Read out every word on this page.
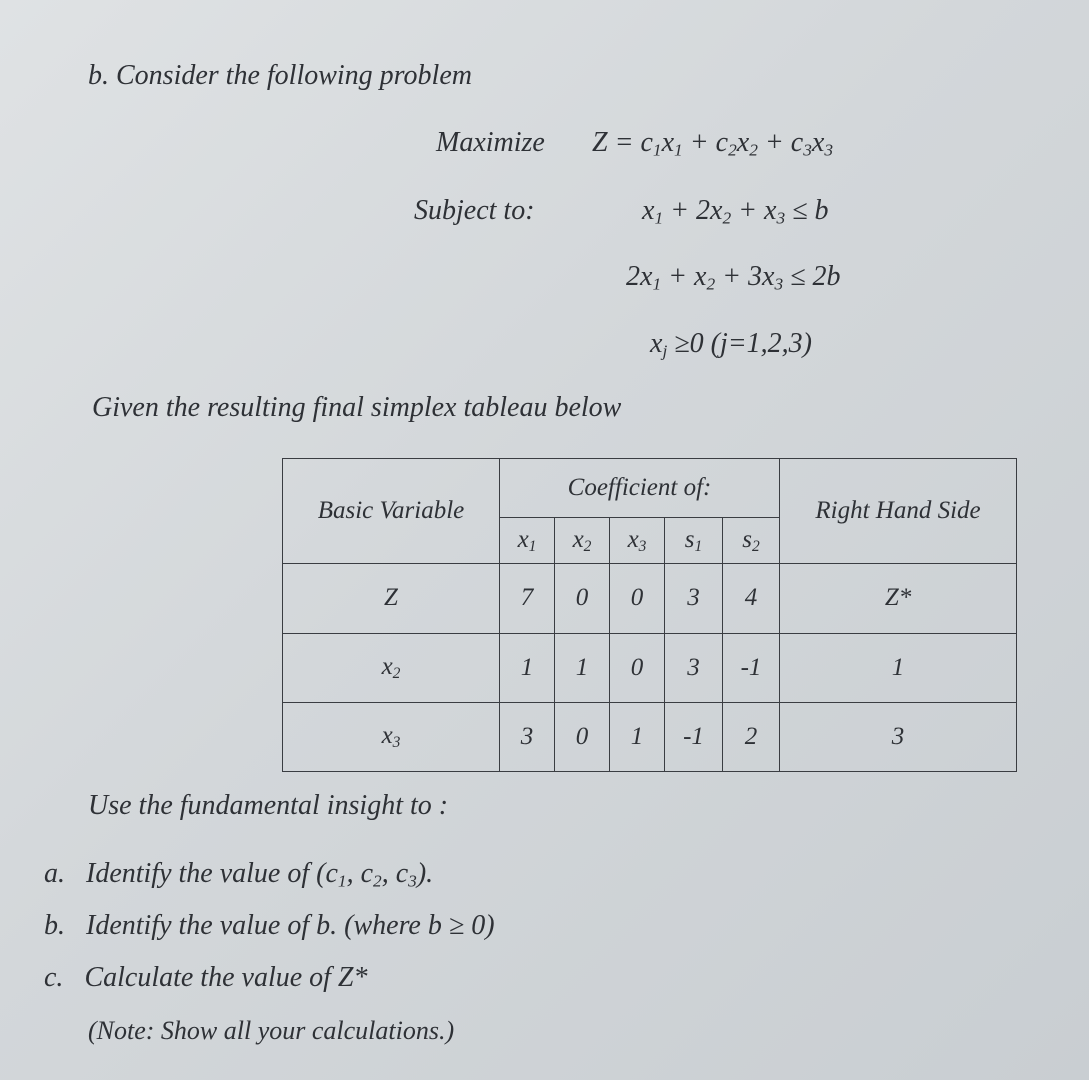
b. Consider the following problem
Maximize $Z = c_1x_1 + c_2x_2 + c_3x_3$
Subject to:	$x_1 + 2x_2 + x_3 \le b$
$2x_1 + x_2 + 3x_3 \le 2b$
$x_j \ge 0$ (j=1,2,3)
Given the resulting final simplex tableau below
Basic Variable	Coefficient of:					Right Hand Side
	$x_1$	$x_2$	$x_3$	$s_1$	$s_2$
Z	7	0	0	3	4	Z*
$x_2$	1	1	0	3	-1	1
$x_3$	3	0	1	-1	2	3
Use the fundamental insight to :
a. Identify the value of ($c_1$, $c_2$, $c_3$).
b. Identify the value of b. (where b ≥ 0)
c. Calculate the value of Z*
(Note: Show all your calculations.)
